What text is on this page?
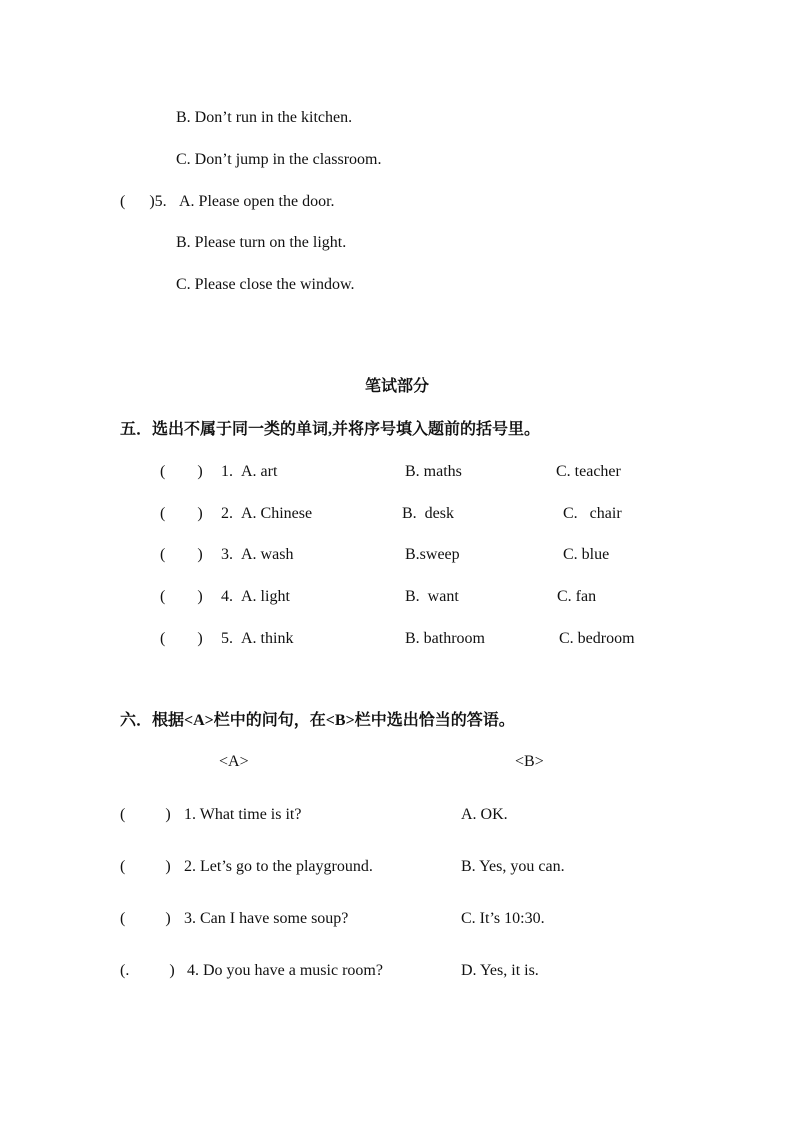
B. Don’t run in the kitchen.
C. Don’t jump in the classroom.
(      )5. A. Please open the door.
B. Please turn on the light.
C. Please close the window.
笔试部分
五．选出不属于同一类的单词,并将序号填入题前的括号里。
(        ) 1. A. art	B. maths	C. teacher
(        ) 2. A. Chinese	B.  desk	C.   chair
(        ) 3. A. wash	B.sweep	C. blue
(        ) 4. A. light	B.  want	C. fan
(        ) 5. A. think	B. bathroom	C. bedroom
六．根据<A>栏中的问句，在<B>栏中选出恰当的答语。
<A>	<B>
(          ) 1. What time is it?	A. OK.
(          ) 2. Let’s go to the playground.	B. Yes, you can.
(          ) 3. Can I have some soup?	C. It’s 10:30.
(.          ) 4. Do you have a music room?	D. Yes, it is.
